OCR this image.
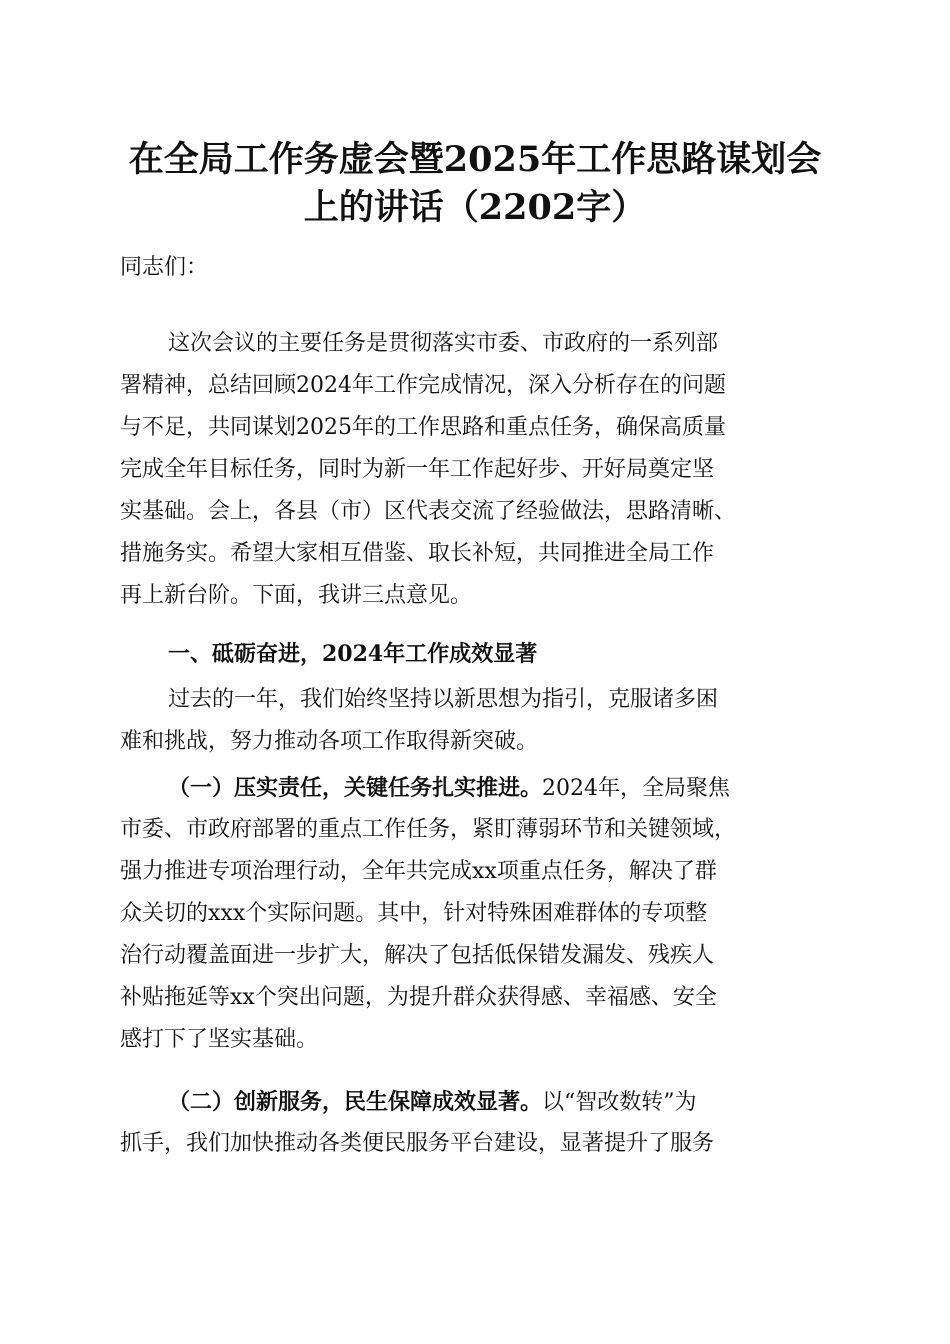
在全局工作务虚会暨2025年工作思路谋划会
上的讲话（2202字）
同志们：
这次会议的主要任务是贯彻落实市委、市政府的一系列部
署精神，总结回顾2024年工作完成情况，深入分析存在的问题
与不足，共同谋划2025年的工作思路和重点任务，确保高质量
完成全年目标任务，同时为新一年工作起好步、开好局奠定坚
实基础。会上，各县（市）区代表交流了经验做法，思路清晰、
措施务实。希望大家相互借鉴、取长补短，共同推进全局工作
再上新台阶。下面，我讲三点意见。
一、砥砺奋进，2024年工作成效显著
过去的一年，我们始终坚持以新思想为指引，克服诸多困
难和挑战，努力推动各项工作取得新突破。
（一）压实责任，关键任务扎实推进。2024年，全局聚焦
市委、市政府部署的重点工作任务，紧盯薄弱环节和关键领域，
强力推进专项治理行动，全年共完成xx项重点任务，解决了群
众关切的xxx个实际问题。其中，针对特殊困难群体的专项整
治行动覆盖面进一步扩大，解决了包括低保错发漏发、残疾人
补贴拖延等xx个突出问题，为提升群众获得感、幸福感、安全
感打下了坚实基础。
（二）创新服务，民生保障成效显著。以“智改数转”为
抓手，我们加快推动各类便民服务平台建设，显著提升了服务
